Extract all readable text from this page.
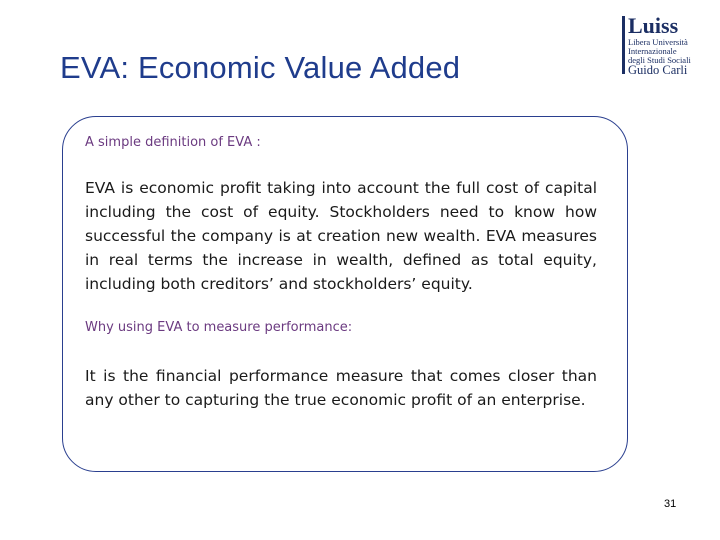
EVA: Economic Value Added
Luiss
Libera Università
Internazionale
degli Studi Sociali
Guido Carli

A simple definition of EVA :

EVA is economic profit taking into account the full cost of capital including the cost of equity. Stockholders need to know how successful the company is at creation new wealth. EVA measures in real terms the increase in wealth, defined as total equity, including both creditors’ and stockholders’ equity.

Why using EVA to measure performance:

It is the financial performance measure that comes closer than any other to capturing the true economic profit of an enterprise.

31
